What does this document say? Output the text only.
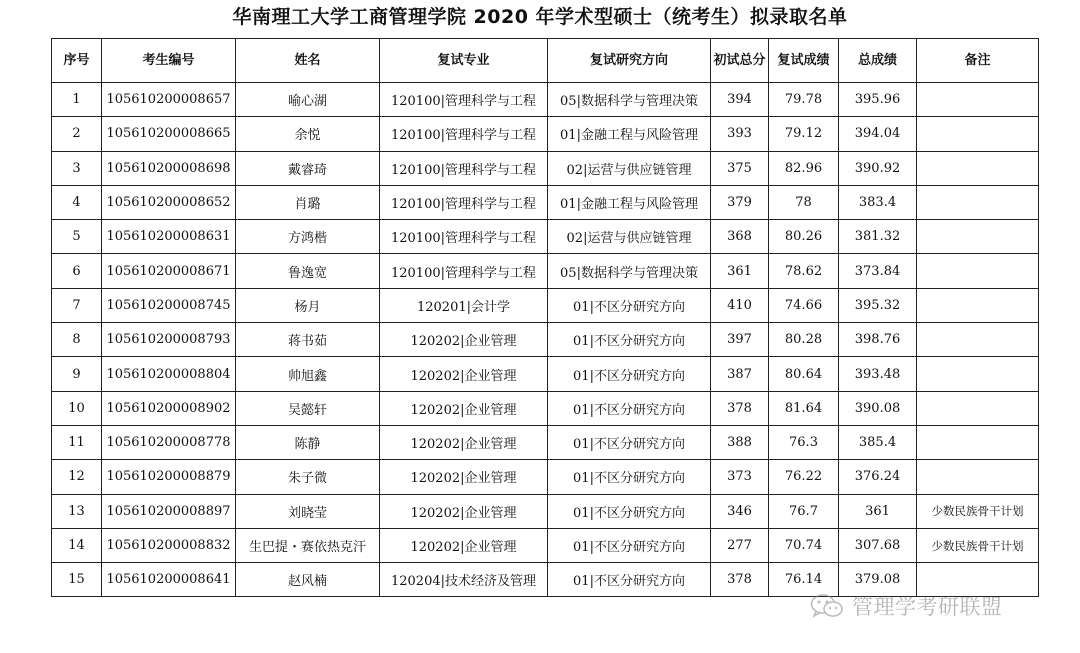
华南理工大学工商管理学院 2020 年学术型硕士（统考生）拟录取名单
序号	考生编号	姓名	复试专业	复试研究方向	初试总分	复试成绩	总成绩	备注
1	105610200008657	喻心湖	120100|管理科学与工程	05|数据科学与管理决策	394	79.78	395.96	
2	105610200008665	余悦	120100|管理科学与工程	01|金融工程与风险管理	393	79.12	394.04	
3	105610200008698	戴睿琦	120100|管理科学与工程	02|运营与供应链管理	375	82.96	390.92	
4	105610200008652	肖璐	120100|管理科学与工程	01|金融工程与风险管理	379	78	383.4	
5	105610200008631	方鸿楷	120100|管理科学与工程	02|运营与供应链管理	368	80.26	381.32	
6	105610200008671	鲁逸宽	120100|管理科学与工程	05|数据科学与管理决策	361	78.62	373.84	
7	105610200008745	杨月	120201|会计学	01|不区分研究方向	410	74.66	395.32	
8	105610200008793	蒋书茹	120202|企业管理	01|不区分研究方向	397	80.28	398.76	
9	105610200008804	帅旭鑫	120202|企业管理	01|不区分研究方向	387	80.64	393.48	
10	105610200008902	吴懿轩	120202|企业管理	01|不区分研究方向	378	81.64	390.08	
11	105610200008778	陈静	120202|企业管理	01|不区分研究方向	388	76.3	385.4	
12	105610200008879	朱子微	120202|企业管理	01|不区分研究方向	373	76.22	376.24	
13	105610200008897	刘晓莹	120202|企业管理	01|不区分研究方向	346	76.7	361	少数民族骨干计划
14	105610200008832	生巴提・赛依热克汗	120202|企业管理	01|不区分研究方向	277	70.74	307.68	少数民族骨干计划
15	105610200008641	赵风楠	120204|技术经济及管理	01|不区分研究方向	378	76.14	379.08	
管理学考研联盟
